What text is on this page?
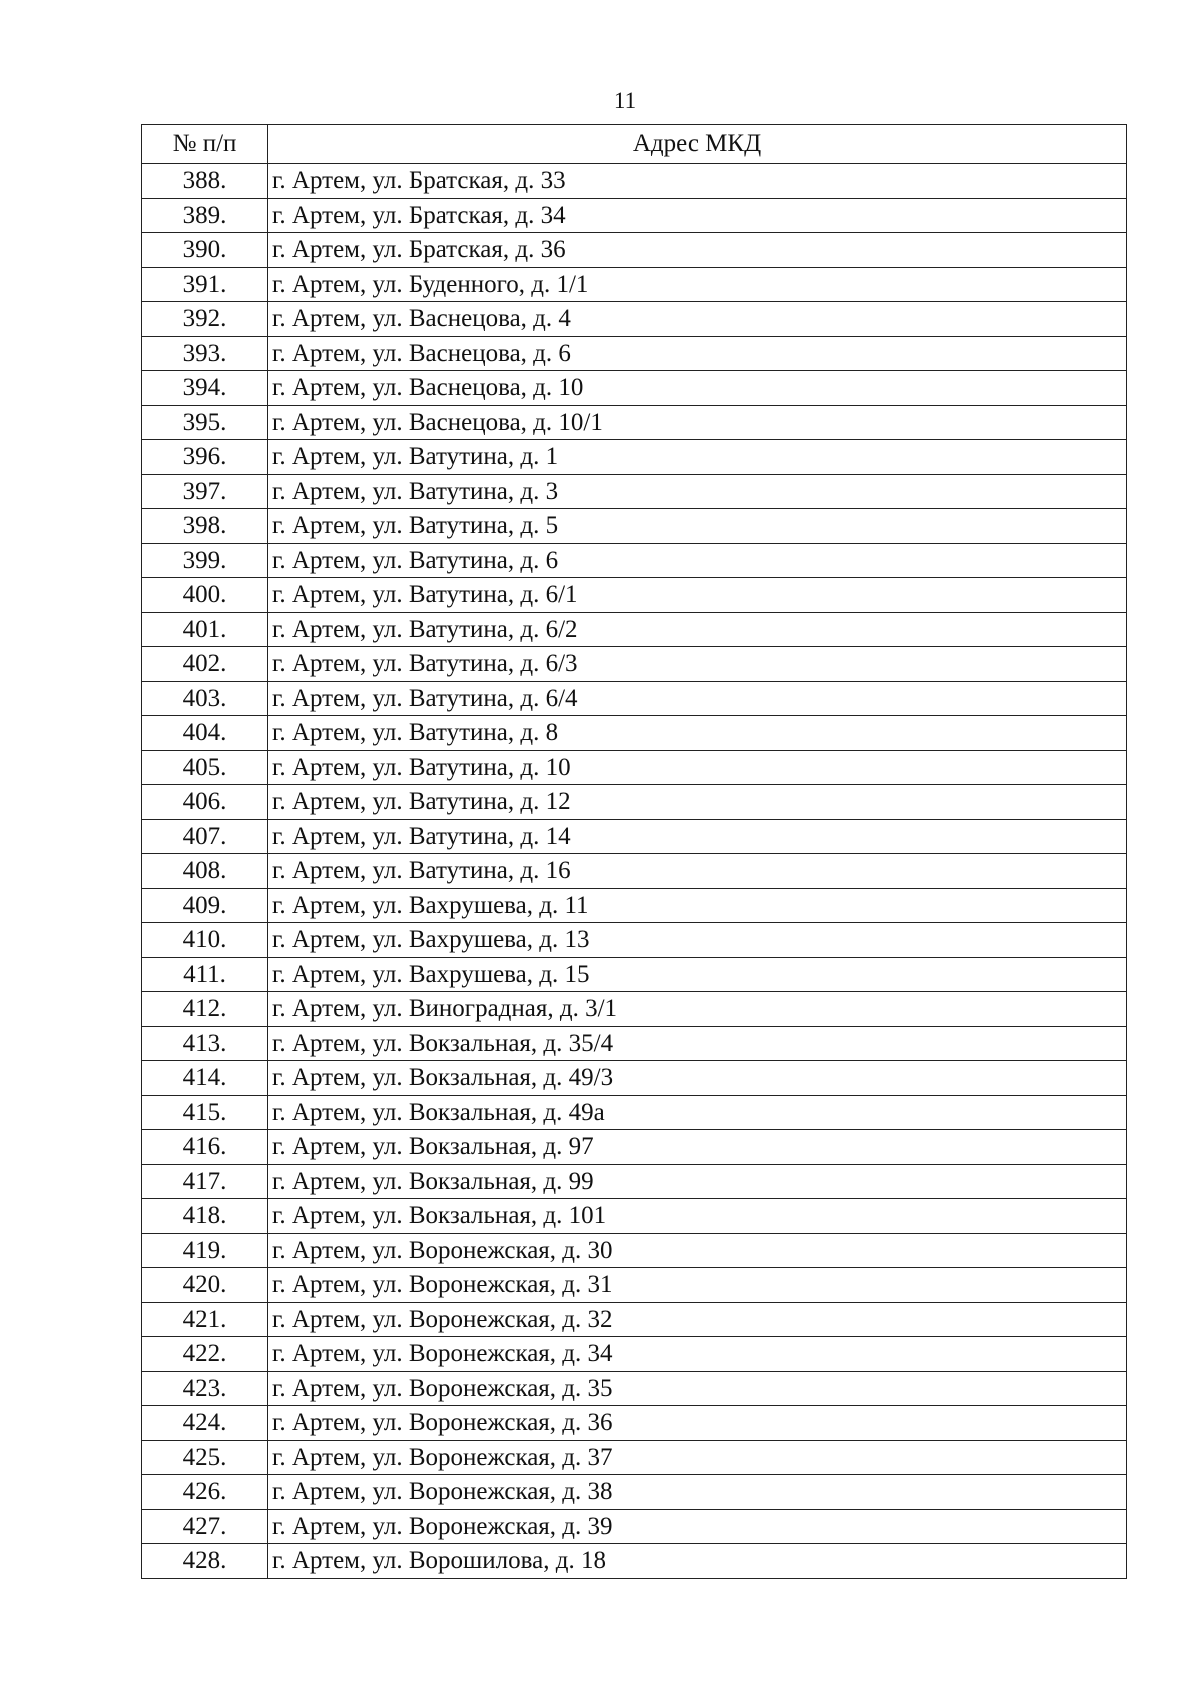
11
№ п/п	Адрес МКД
388.	г. Артем, ул. Братская, д. 33
389.	г. Артем, ул. Братская, д. 34
390.	г. Артем, ул. Братская, д. 36
391.	г. Артем, ул. Буденного, д. 1/1
392.	г. Артем, ул. Васнецова, д. 4
393.	г. Артем, ул. Васнецова, д. 6
394.	г. Артем, ул. Васнецова, д. 10
395.	г. Артем, ул. Васнецова, д. 10/1
396.	г. Артем, ул. Ватутина, д. 1
397.	г. Артем, ул. Ватутина, д. 3
398.	г. Артем, ул. Ватутина, д. 5
399.	г. Артем, ул. Ватутина, д. 6
400.	г. Артем, ул. Ватутина, д. 6/1
401.	г. Артем, ул. Ватутина, д. 6/2
402.	г. Артем, ул. Ватутина, д. 6/3
403.	г. Артем, ул. Ватутина, д. 6/4
404.	г. Артем, ул. Ватутина, д. 8
405.	г. Артем, ул. Ватутина, д. 10
406.	г. Артем, ул. Ватутина, д. 12
407.	г. Артем, ул. Ватутина, д. 14
408.	г. Артем, ул. Ватутина, д. 16
409.	г. Артем, ул. Вахрушева, д. 11
410.	г. Артем, ул. Вахрушева, д. 13
411.	г. Артем, ул. Вахрушева, д. 15
412.	г. Артем, ул. Виноградная, д. 3/1
413.	г. Артем, ул. Вокзальная, д. 35/4
414.	г. Артем, ул. Вокзальная, д. 49/3
415.	г. Артем, ул. Вокзальная, д. 49а
416.	г. Артем, ул. Вокзальная, д. 97
417.	г. Артем, ул. Вокзальная, д. 99
418.	г. Артем, ул. Вокзальная, д. 101
419.	г. Артем, ул. Воронежская, д. 30
420.	г. Артем, ул. Воронежская, д. 31
421.	г. Артем, ул. Воронежская, д. 32
422.	г. Артем, ул. Воронежская, д. 34
423.	г. Артем, ул. Воронежская, д. 35
424.	г. Артем, ул. Воронежская, д. 36
425.	г. Артем, ул. Воронежская, д. 37
426.	г. Артем, ул. Воронежская, д. 38
427.	г. Артем, ул. Воронежская, д. 39
428.	г. Артем, ул. Ворошилова, д. 18
